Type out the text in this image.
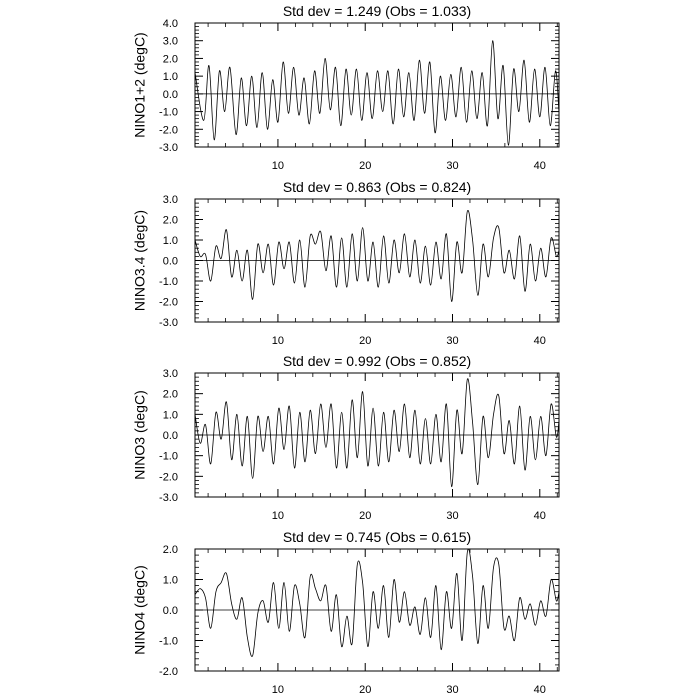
Std dev = 1.249 (Obs = 1.033)
NINO1+2 (degC)
10	20	30	40
-3.0
-2.0
-1.0
0.0
1.0
2.0
3.0
4.0
Std dev = 0.863 (Obs = 0.824)
NINO3.4 (degC)
10	20	30	40
-3.0
-2.0
-1.0
0.0
1.0
2.0
3.0
Std dev = 0.992 (Obs = 0.852)
NINO3 (degC)
10	20	30	40
-3.0
-2.0
-1.0
0.0
1.0
2.0
3.0
Std dev = 0.745 (Obs = 0.615)
NINO4 (degC)
10	20	30	40
-2.0
-1.0
0.0
1.0
2.0
